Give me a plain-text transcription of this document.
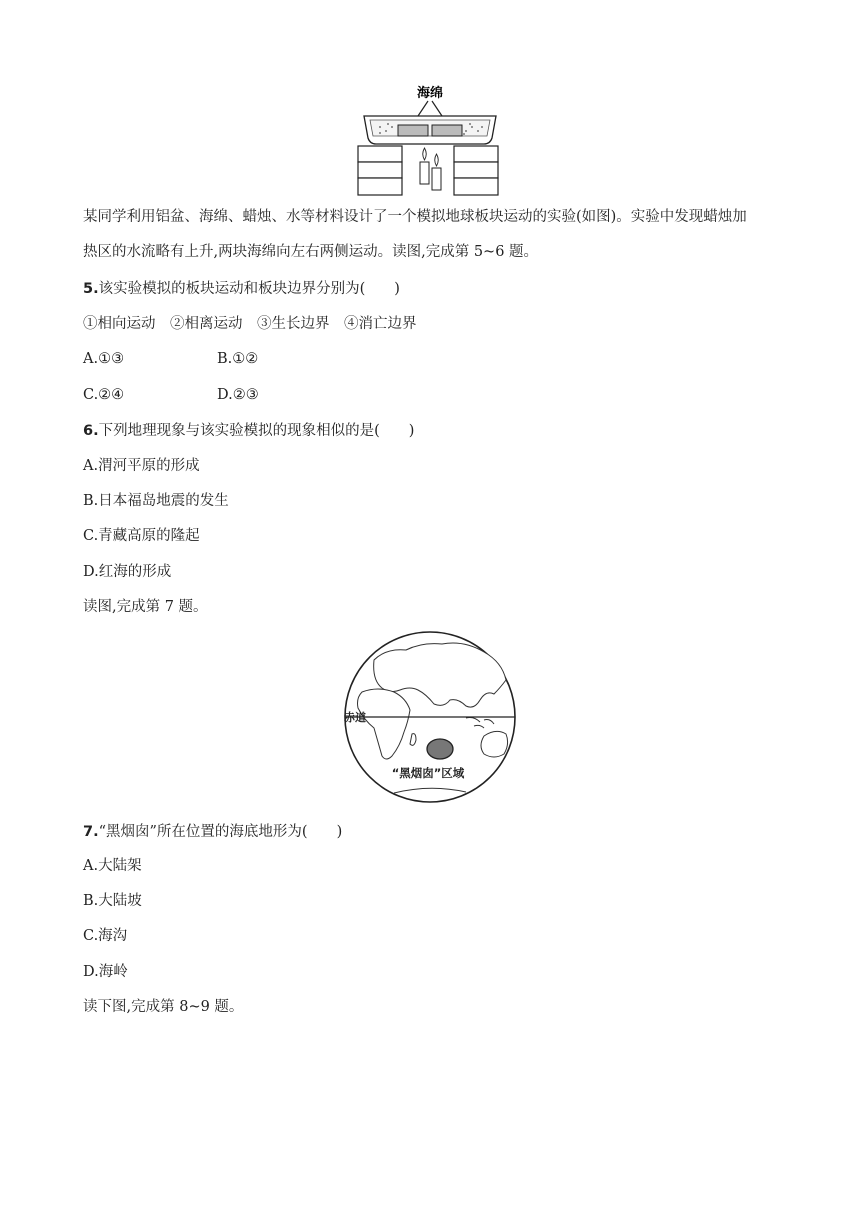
海绵
某同学利用铝盆、海绵、蜡烛、水等材料设计了一个模拟地球板块运动的实验(如图)。实验中发现蜡烛加
热区的水流略有上升,两块海绵向左右两侧运动。读图,完成第 5~6 题。
5.该实验模拟的板块运动和板块边界分别为(　　)
①相向运动　②相离运动　③生长边界　④消亡边界
A.①③	B.①②
C.②④	D.②③
6.下列地理现象与该实验模拟的现象相似的是(　　)
A.渭河平原的形成
B.日本福岛地震的发生
C.青藏高原的隆起
D.红海的形成
读图,完成第 7 题。
赤道
“黑烟囱”区域
7.“黑烟囱”所在位置的海底地形为(　　)
A.大陆架
B.大陆坡
C.海沟
D.海岭
读下图,完成第 8~9 题。
